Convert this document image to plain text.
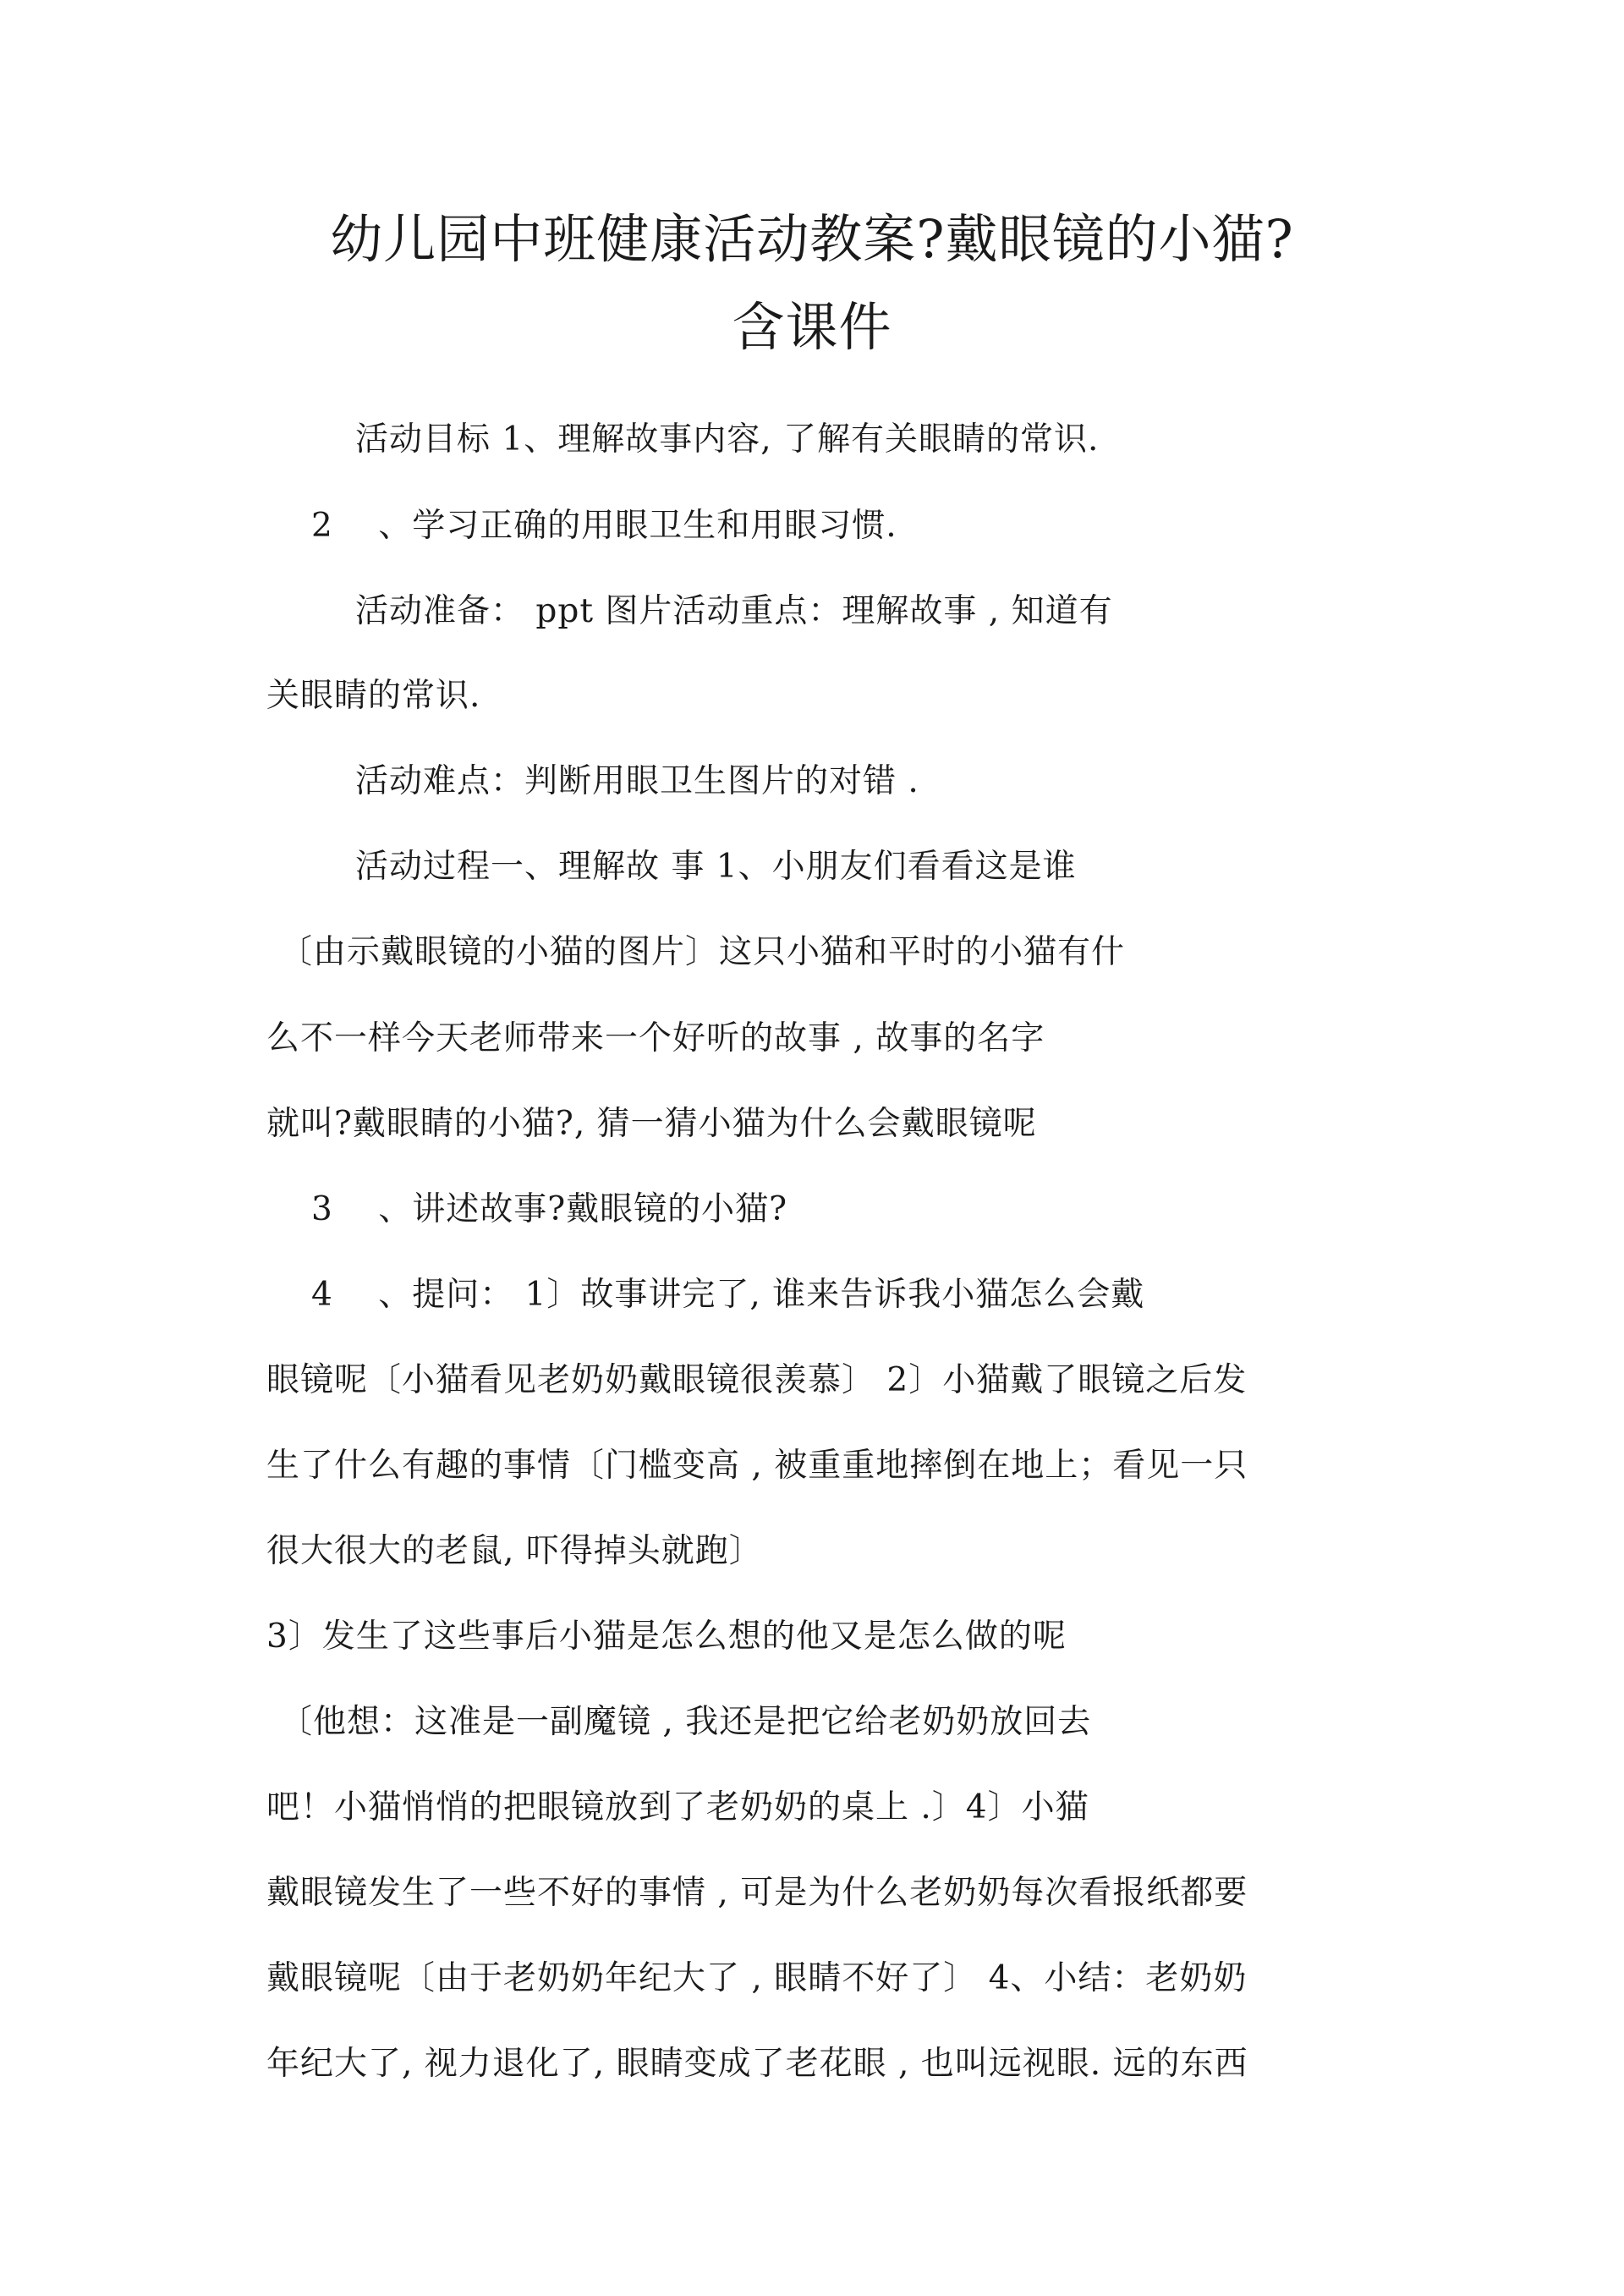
幼儿园中班健康活动教案?戴眼镜的小猫?
含课件
活动目标 1、理解故事内容, 了解有关眼睛的常识.
2　 、学习正确的用眼卫生和用眼习惯.
活动准备： ppt 图片活动重点：理解故事 , 知道有
关眼睛的常识.
活动难点：判断用眼卫生图片的对错 .
活动过程一、理解故 事 1、小朋友们看看这是谁
〔由示戴眼镜的小猫的图片〕这只小猫和平时的小猫有什
么不一样今天老师带来一个好听的故事 , 故事的名字
就叫?戴眼睛的小猫?, 猜一猜小猫为什么会戴眼镜呢
3　 、讲述故事?戴眼镜的小猫?
4　 、提问： 1〕故事讲完了, 谁来告诉我小猫怎么会戴
眼镜呢〔小猫看见老奶奶戴眼镜很羡慕〕 2〕小猫戴了眼镜之后发
生了什么有趣的事情〔门槛变高 , 被重重地摔倒在地上；看见一只
很大很大的老鼠, 吓得掉头就跑〕
3〕发生了这些事后小猫是怎么想的他又是怎么做的呢
〔他想：这准是一副魔镜 , 我还是把它给老奶奶放回去
吧！小猫悄悄的把眼镜放到了老奶奶的桌上 .〕4〕小猫
戴眼镜发生了一些不好的事情 , 可是为什么老奶奶每次看报纸都要
戴眼镜呢〔由于老奶奶年纪大了 , 眼睛不好了〕 4、小结：老奶奶
年纪大了, 视力退化了, 眼睛变成了老花眼 , 也叫远视眼. 远的东西
